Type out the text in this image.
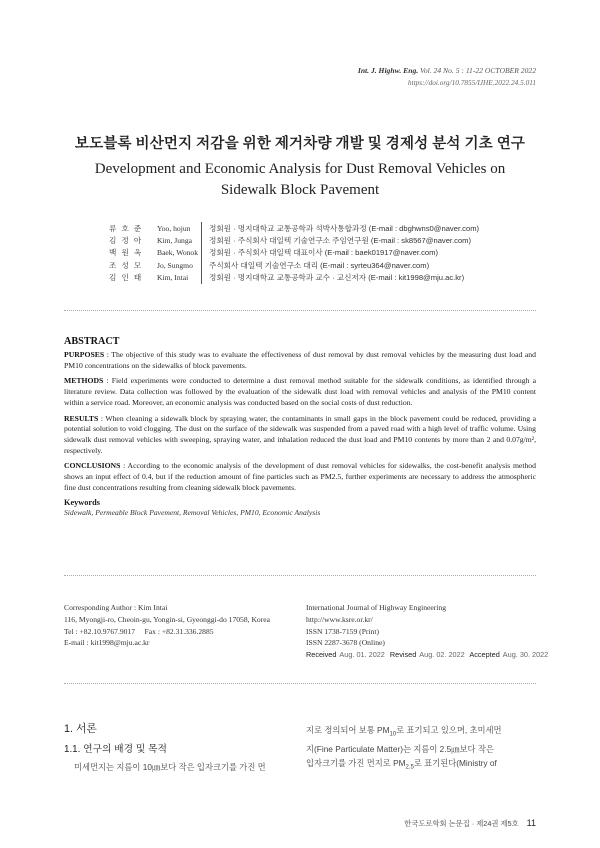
Int. J. Highw. Eng. Vol. 24 No. 5 : 11-22 OCTOBER 2022
https://doi.org/10.7855/IJHE.2022.24.5.011
보도블록 비산먼지 저감을 위한 제거차량 개발 및 경제성 분석 기초 연구
Development and Economic Analysis for Dust Removal Vehicles on
Sidewalk Block Pavement
류 호 준	Yoo, hojun	정회원 · 명지대학교 교통공학과 석박사통합과정 (E-mail : dbghwns0@naver.com)
김 정 아	Kim, Junga	정회원 · 주식회사 대일텍 기술연구소 주임연구원 (E-mail : sk8567@naver.com)
백 원 옥	Baek, Wonok	정회원 · 주식회사 대일텍 대표이사 (E-mail : baek01917@naver.com)
조 성 모	Jo, Sungmo	주식회사 대일텍 기술연구소 대리 (E-mail : syrteu364@naver.com)
김 인 태	Kim, Intai	정회원 · 명지대학교 교통공학과 교수 · 교신저자 (E-mail : kit1998@mju.ac.kr)
ABSTRACT

PURPOSES : The objective of this study was to evaluate the effectiveness of dust removal by dust removal vehicles by the measuring dust load and PM10 concentrations on the sidewalks of block pavements.

METHODS : Field experiments were conducted to determine a dust removal method suitable for the sidewalk conditions, as identified through a literature review. Data collection was followed by the evaluation of the sidewalk dust load with removal vehicles and analysis of the PM10 content within a service road. Moreover, an economic analysis was conducted based on the social costs of dust reduction.

RESULTS : When cleaning a sidewalk block by spraying water, the contaminants in small gaps in the block pavement could be reduced, providing a potential solution to void clogging. The dust on the surface of the sidewalk was suspended from a paved road with a high level of traffic volume. Using sidewalk dust removal vehicles with sweeping, spraying water, and inhalation reduced the dust load and PM10 contents by more than 2 and 0.07g/m², respectively.

CONCLUSIONS : According to the economic analysis of the development of dust removal vehicles for sidewalks, the cost-benefit analysis method shows an input effect of 0.4, but if the reduction amount of fine particles such as PM2.5, further experiments are necessary to address the atmospheric fine dust concentrations resulting from cleaning sidewalk block pavements.

Keywords
Sidewalk, Permeable Block Pavement, Removal Vehicles, PM10, Economic Analysis
Corresponding Author : Kim Intai
116, Myongji-ro, Cheoin-gu, Yongin-si, Gyeonggi-do 17058, Korea
Tel : +82.10.9767.9017     Fax : +82.31.336.2885
E-mail : kit1998@mju.ac.kr
International Journal of Highway Engineering
http://www.ksre.or.kr/
ISSN 1738-7159 (Print)
ISSN 2287-3678 (Online)
Received Aug. 01. 2022 Revised Aug. 02. 2022 Accepted Aug. 30. 2022
1. 서론
1.1. 연구의 배경 및 목적
미세먼지는 지름이 10㎛보다 작은 입자크기를 가진 먼
지로 정의되어 보통 $PM_{10}$로 표기되고 있으며, 초미세먼
지(Fine Particulate Matter)는 지름이 2.5㎛보다 작은
입자크기를 가진 먼지로 $PM_{2.5}$로 표기된다(Ministry of
한국도로학회 논문집 · 제24권 제5호 11
